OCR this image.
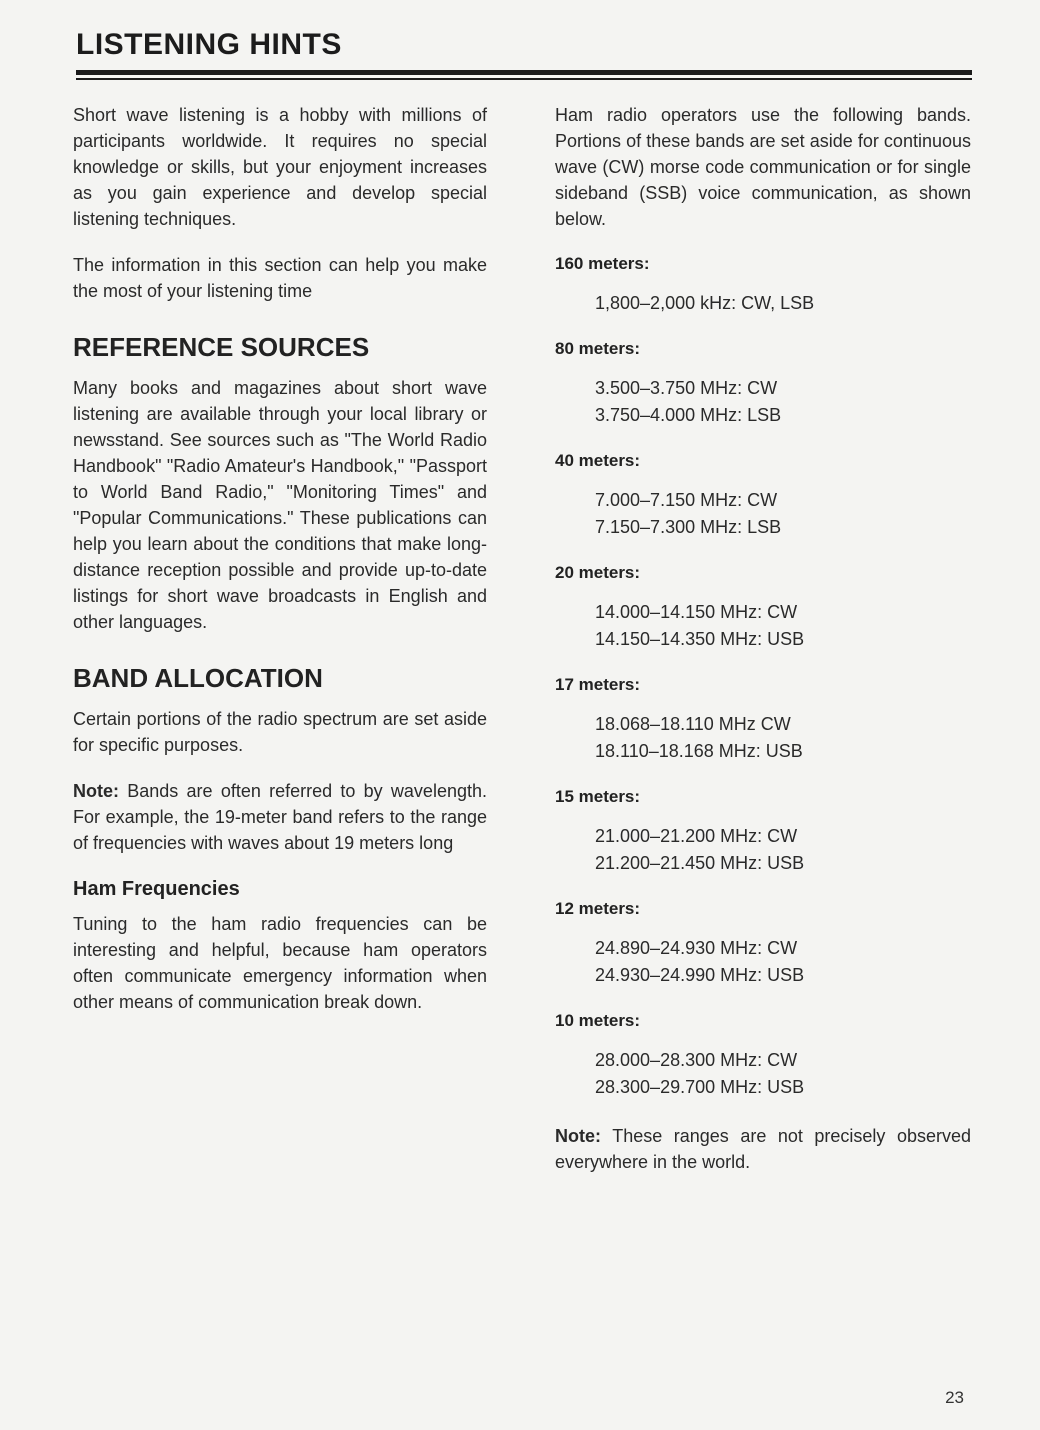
LISTENING HINTS

Short wave listening is a hobby with millions of participants worldwide. It requires no special knowledge or skills, but your enjoyment increases as you gain experience and develop special listening techniques.

The information in this section can help you make the most of your listening time

REFERENCE SOURCES

Many books and magazines about short wave listening are available through your local library or newsstand. See sources such as "The World Radio Handbook" "Radio Amateur's Handbook," "Passport to World Band Radio," "Monitoring Times" and "Popular Communications." These publications can help you learn about the conditions that make long-distance reception possible and provide up-to-date listings for short wave broadcasts in English and other languages.

BAND ALLOCATION

Certain portions of the radio spectrum are set aside for specific purposes.

Note: Bands are often referred to by wavelength. For example, the 19-meter band refers to the range of frequencies with waves about 19 meters long

Ham Frequencies

Tuning to the ham radio frequencies can be interesting and helpful, because ham operators often communicate emergency information when other means of communication break down.

Ham radio operators use the following bands. Portions of these bands are set aside for continuous wave (CW) morse code communication or for single sideband (SSB) voice communication, as shown below.

160 meters:
1,800–2,000 kHz: CW, LSB
80 meters:
3.500–3.750 MHz: CW
3.750–4.000 MHz: LSB
40 meters:
7.000–7.150 MHz: CW
7.150–7.300 MHz: LSB
20 meters:
14.000–14.150 MHz: CW
14.150–14.350 MHz: USB
17 meters:
18.068–18.110 MHz CW
18.110–18.168 MHz: USB
15 meters:
21.000–21.200 MHz: CW
21.200–21.450 MHz: USB
12 meters:
24.890–24.930 MHz: CW
24.930–24.990 MHz: USB
10 meters:
28.000–28.300 MHz: CW
28.300–29.700 MHz: USB

Note: These ranges are not precisely observed everywhere in the world.

23
